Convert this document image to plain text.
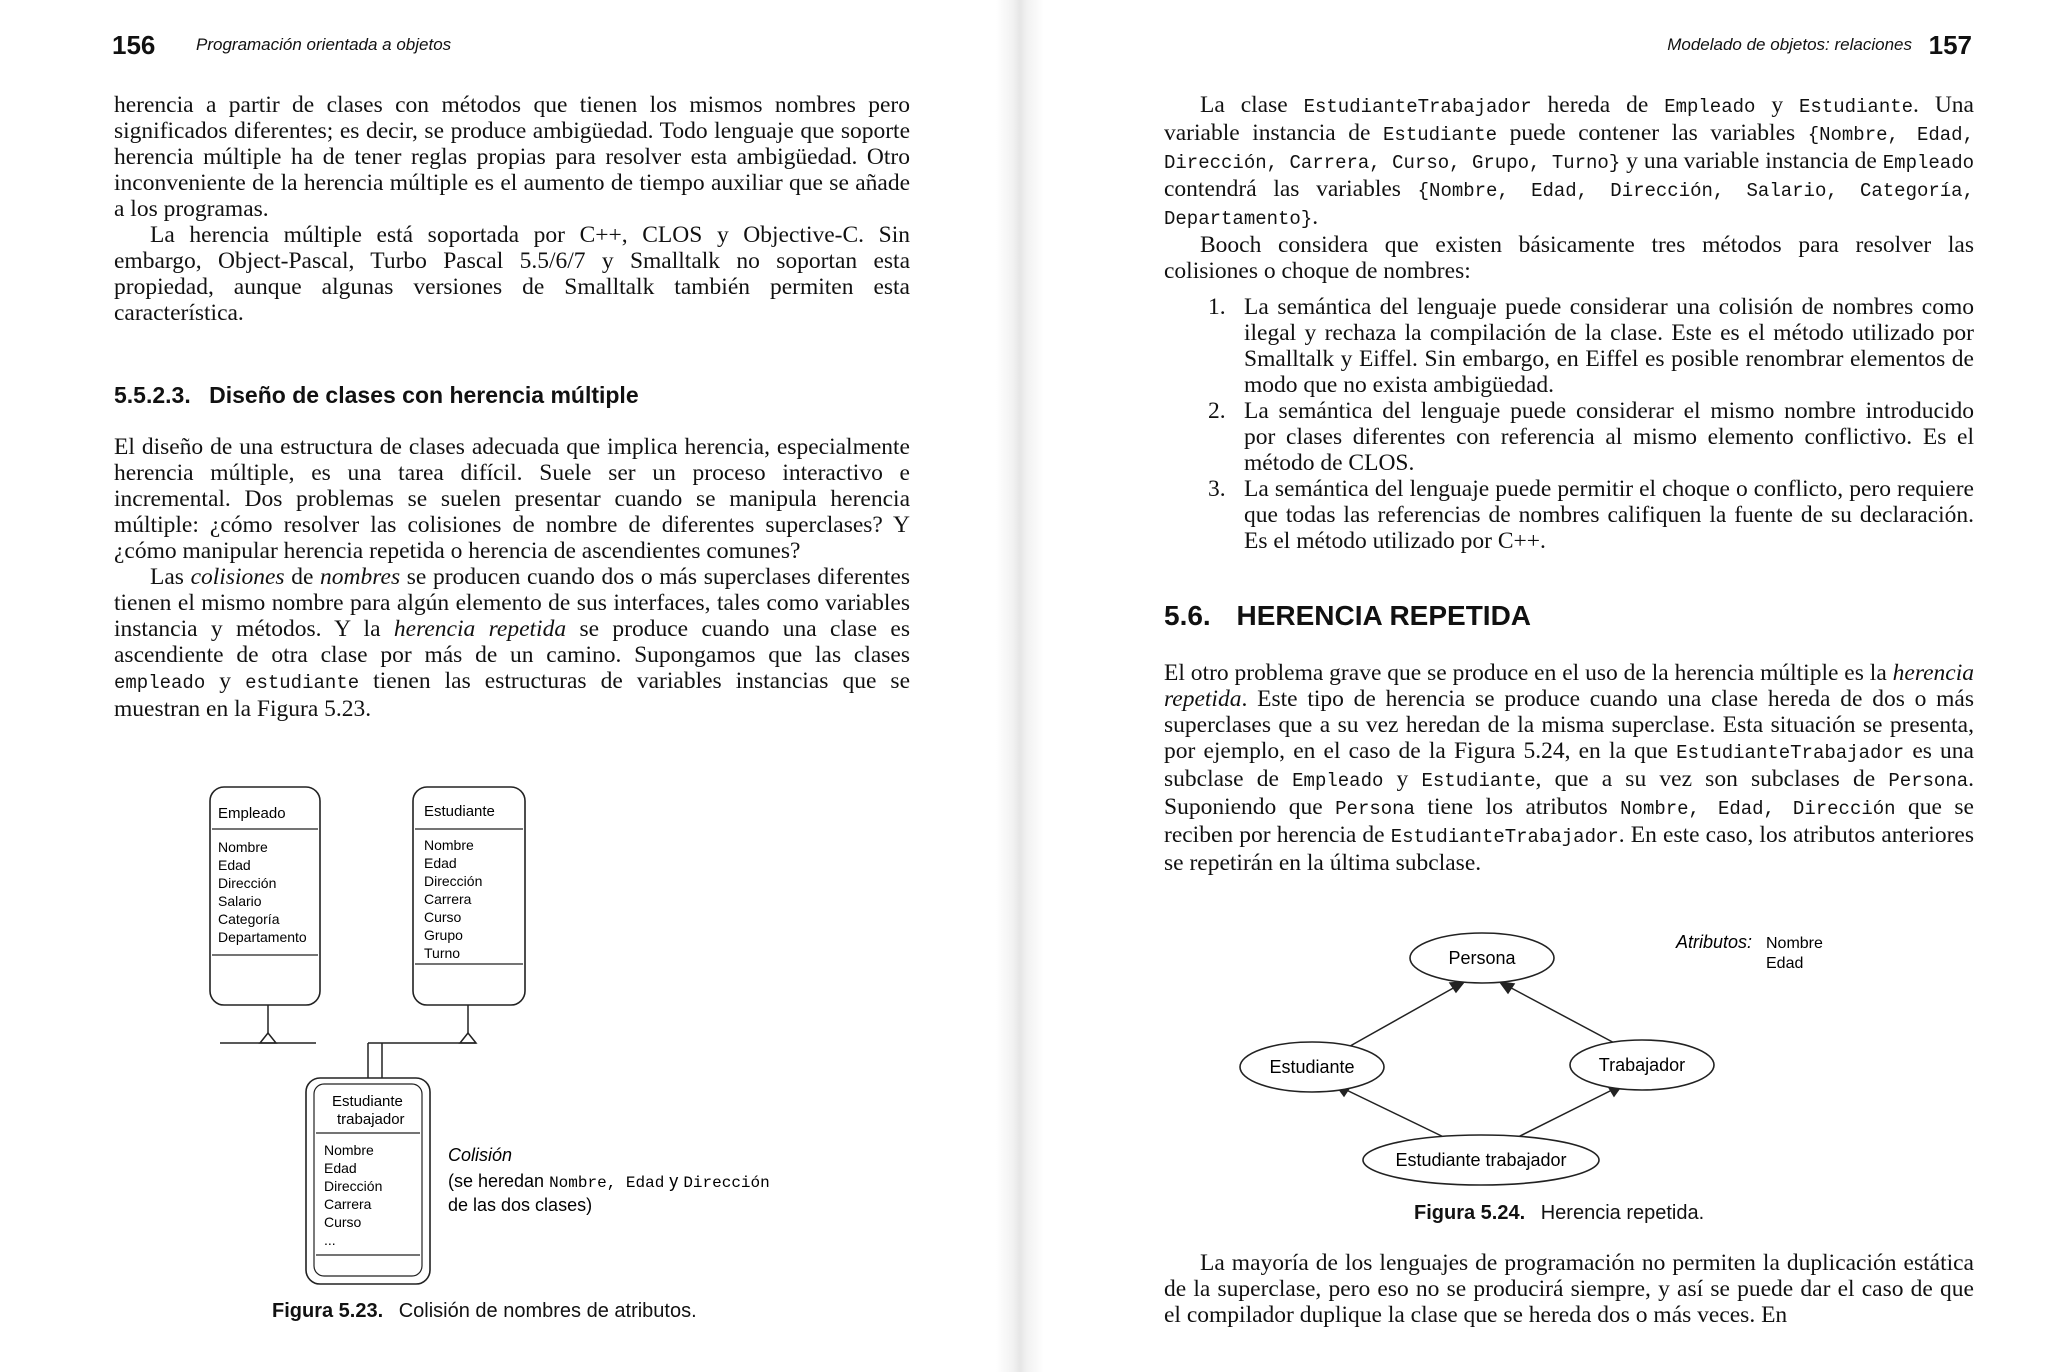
156 Programación orientada a objetos

herencia a partir de clases con métodos que tienen los mismos nombres pero significados diferentes; es decir, se produce ambigüedad. Todo lenguaje que soporte herencia múltiple ha de tener reglas propias para resolver esta ambigüedad. Otro inconveniente de la herencia múltiple es el aumento de tiempo auxiliar que se añade a los programas.

La herencia múltiple está soportada por C++, CLOS y Objective-C. Sin embargo, Object-Pascal, Turbo Pascal 5.5/6/7 y Smalltalk no soportan esta propiedad, aunque algunas versiones de Smalltalk también permiten esta característica.

5.5.2.3. Diseño de clases con herencia múltiple

El diseño de una estructura de clases adecuada que implica herencia, especialmente herencia múltiple, es una tarea difícil. Suele ser un proceso interactivo e incremental. Dos problemas se suelen presentar cuando se manipula herencia múltiple: ¿cómo resolver las colisiones de nombre de diferentes superclases? Y ¿cómo manipular herencia repetida o herencia de ascendientes comunes?

Las colisiones de nombres se producen cuando dos o más superclases diferentes tienen el mismo nombre para algún elemento de sus interfaces, tales como variables instancia y métodos. Y la herencia repetida se produce cuando una clase es ascendiente de otra clase por más de un camino. Supongamos que las clases empleado y estudiante tienen las estructuras de variables instancias que se muestran en la Figura 5.23.

Empleado
Nombre
Edad
Dirección
Salario
Categoría
Departamento
Estudiante
Nombre
Edad
Dirección
Carrera
Curso
Grupo
Turno
Estudiante
trabajador
Nombre
Edad
Dirección
Carrera
Curso
...
Colisión
(se heredan Nombre, Edad y Dirección
de las dos clases)
Figura 5.23. Colisión de nombres de atributos.
Modelado de objetos: relaciones 157

La clase EstudianteTrabajador hereda de Empleado y Estudiante. Una variable instancia de Estudiante puede contener las variables {Nombre, Edad, Dirección, Carrera, Curso, Grupo, Turno} y una variable instancia de Empleado contendrá las variables {Nombre, Edad, Dirección, Salario, Categoría, Departamento}.

Booch considera que existen básicamente tres métodos para resolver las colisiones o choque de nombres:

1. La semántica del lenguaje puede considerar una colisión de nombres como ilegal y rechaza la compilación de la clase. Este es el método utilizado por Smalltalk y Eiffel. Sin embargo, en Eiffel es posible renombrar elementos de modo que no exista ambigüedad.
2. La semántica del lenguaje puede considerar el mismo nombre introducido por clases diferentes con referencia al mismo elemento conflictivo. Es el método de CLOS.
3. La semántica del lenguaje puede permitir el choque o conflicto, pero requiere que todas las referencias de nombres califiquen la fuente de su declaración. Es el método utilizado por C++.
5.6. HERENCIA REPETIDA

El otro problema grave que se produce en el uso de la herencia múltiple es la herencia repetida. Este tipo de herencia se produce cuando una clase hereda de dos o más superclases que a su vez heredan de la misma superclase. Esta situación se presenta, por ejemplo, en el caso de la Figura 5.24, en la que EstudianteTrabajador es una subclase de Empleado y Estudiante, que a su vez son subclases de Persona. Suponiendo que Persona tiene los atributos Nombre, Edad, Dirección que se reciben por herencia de EstudianteTrabajador. En este caso, los atributos anteriores se repetirán en la última subclase.

Persona
Estudiante	Trabajador
Estudiante trabajador
Atributos: Nombre
Edad
Figura 5.24. Herencia repetida.

La mayoría de los lenguajes de programación no permiten la duplicación estática de la superclase, pero eso no se producirá siempre, y así se puede dar el caso de que el compilador duplique la clase que se hereda dos o más veces. En
